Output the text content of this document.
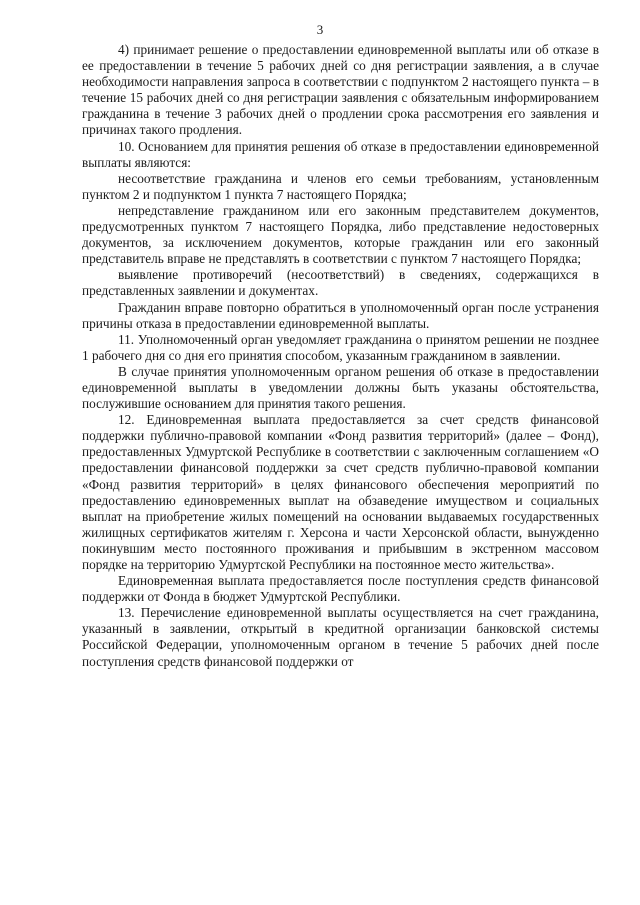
3

4) принимает решение о предоставлении единовременной выплаты или об отказе в ее предоставлении в течение 5 рабочих дней со дня регистрации заявления, а в случае необходимости направления запроса в соответствии с подпунктом 2 настоящего пункта – в течение 15 рабочих дней со дня регистрации заявления с обязательным информированием гражданина в течение 3 рабочих дней о продлении срока рассмотрения его заявления и причинах такого продления.

10. Основанием для принятия решения об отказе в предоставлении единовременной выплаты являются:

несоответствие гражданина и членов его семьи требованиям, установленным пунктом 2 и подпунктом 1 пункта 7 настоящего Порядка;

непредставление гражданином или его законным представителем документов, предусмотренных пунктом 7 настоящего Порядка, либо представление недостоверных документов, за исключением документов, которые гражданин или его законный представитель вправе не представлять в соответствии с пунктом 7 настоящего Порядка;

выявление противоречий (несоответствий) в сведениях, содержащихся в представленных заявлении и документах.

Гражданин вправе повторно обратиться в уполномоченный орган после устранения причины отказа в предоставлении единовременной выплаты.

11. Уполномоченный орган уведомляет гражданина о принятом решении не позднее 1 рабочего дня со дня его принятия способом, указанным гражданином в заявлении.

В случае принятия уполномоченным органом решения об отказе в предоставлении единовременной выплаты в уведомлении должны быть указаны обстоятельства, послужившие основанием для принятия такого решения.

12. Единовременная выплата предоставляется за счет средств финансовой поддержки публично-правовой компании «Фонд развития территорий» (далее – Фонд), предоставленных Удмуртской Республике в соответствии с заключенным соглашением «О предоставлении финансовой поддержки за счет средств публично-правовой компании «Фонд развития территорий» в целях финансового обеспечения мероприятий по предоставлению единовременных выплат на обзаведение имуществом и социальных выплат на приобретение жилых помещений на основании выдаваемых государственных жилищных сертификатов жителям г. Херсона и части Херсонской области, вынужденно покинувшим место постоянного проживания и прибывшим в экстренном массовом порядке на территорию Удмуртской Республики на постоянное место жительства».

Единовременная выплата предоставляется после поступления средств финансовой поддержки от Фонда в бюджет Удмуртской Республики.

13. Перечисление единовременной выплаты осуществляется на счет гражданина, указанный в заявлении, открытый в кредитной организации банковской системы Российской Федерации, уполномоченным органом в течение 5 рабочих дней после поступления средств финансовой поддержки от
